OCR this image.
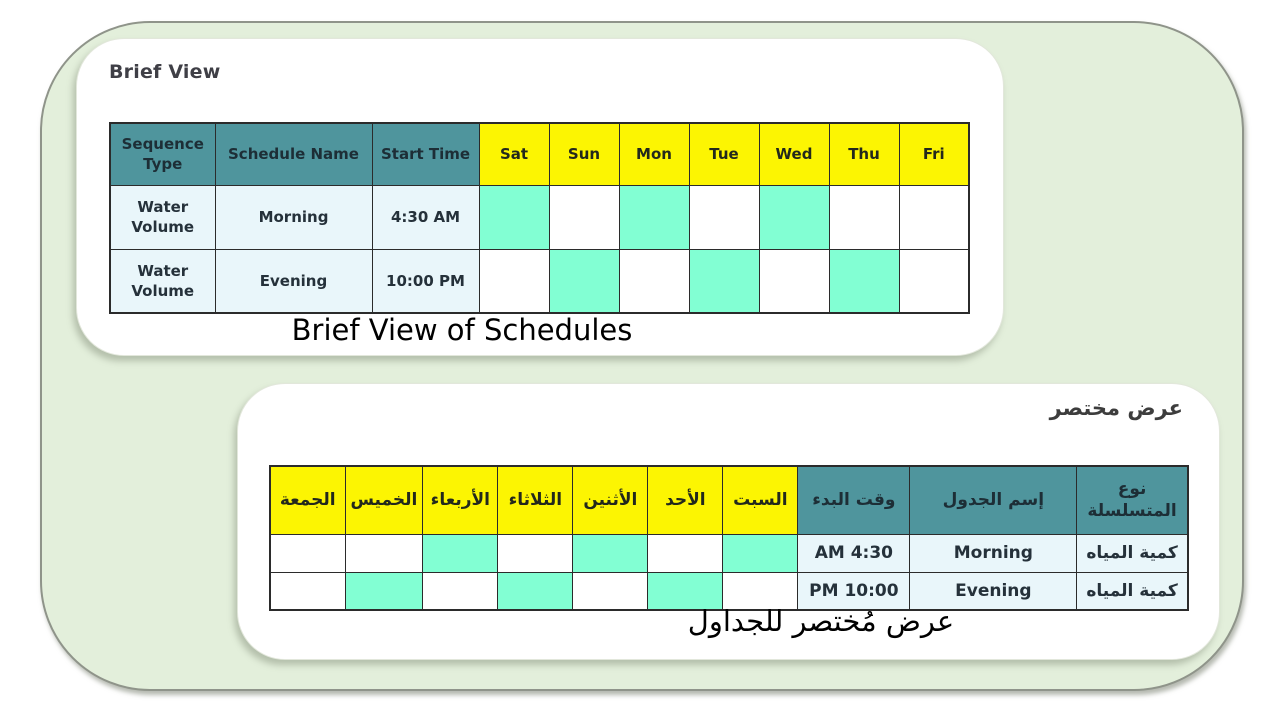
Brief View
Sequence Type	Schedule Name	Start Time	Sat	Sun	Mon	Tue	Wed	Thu	Fri
Water Volume	Morning	4:30 AM							
Water Volume	Evening	10:00 PM							
Brief View of Schedules
عرض مختصر
نوع المتسلسلة	إسم الجدول	وقت البدء	السبت	الأحد	الأثنين	الثلاثاء	الأربعاء	الخميس	الجمعة
كمية المياه	Morning	4:30 AM							
كمية المياه	Evening	10:00 PM							
عرض مُختصر للجداول
